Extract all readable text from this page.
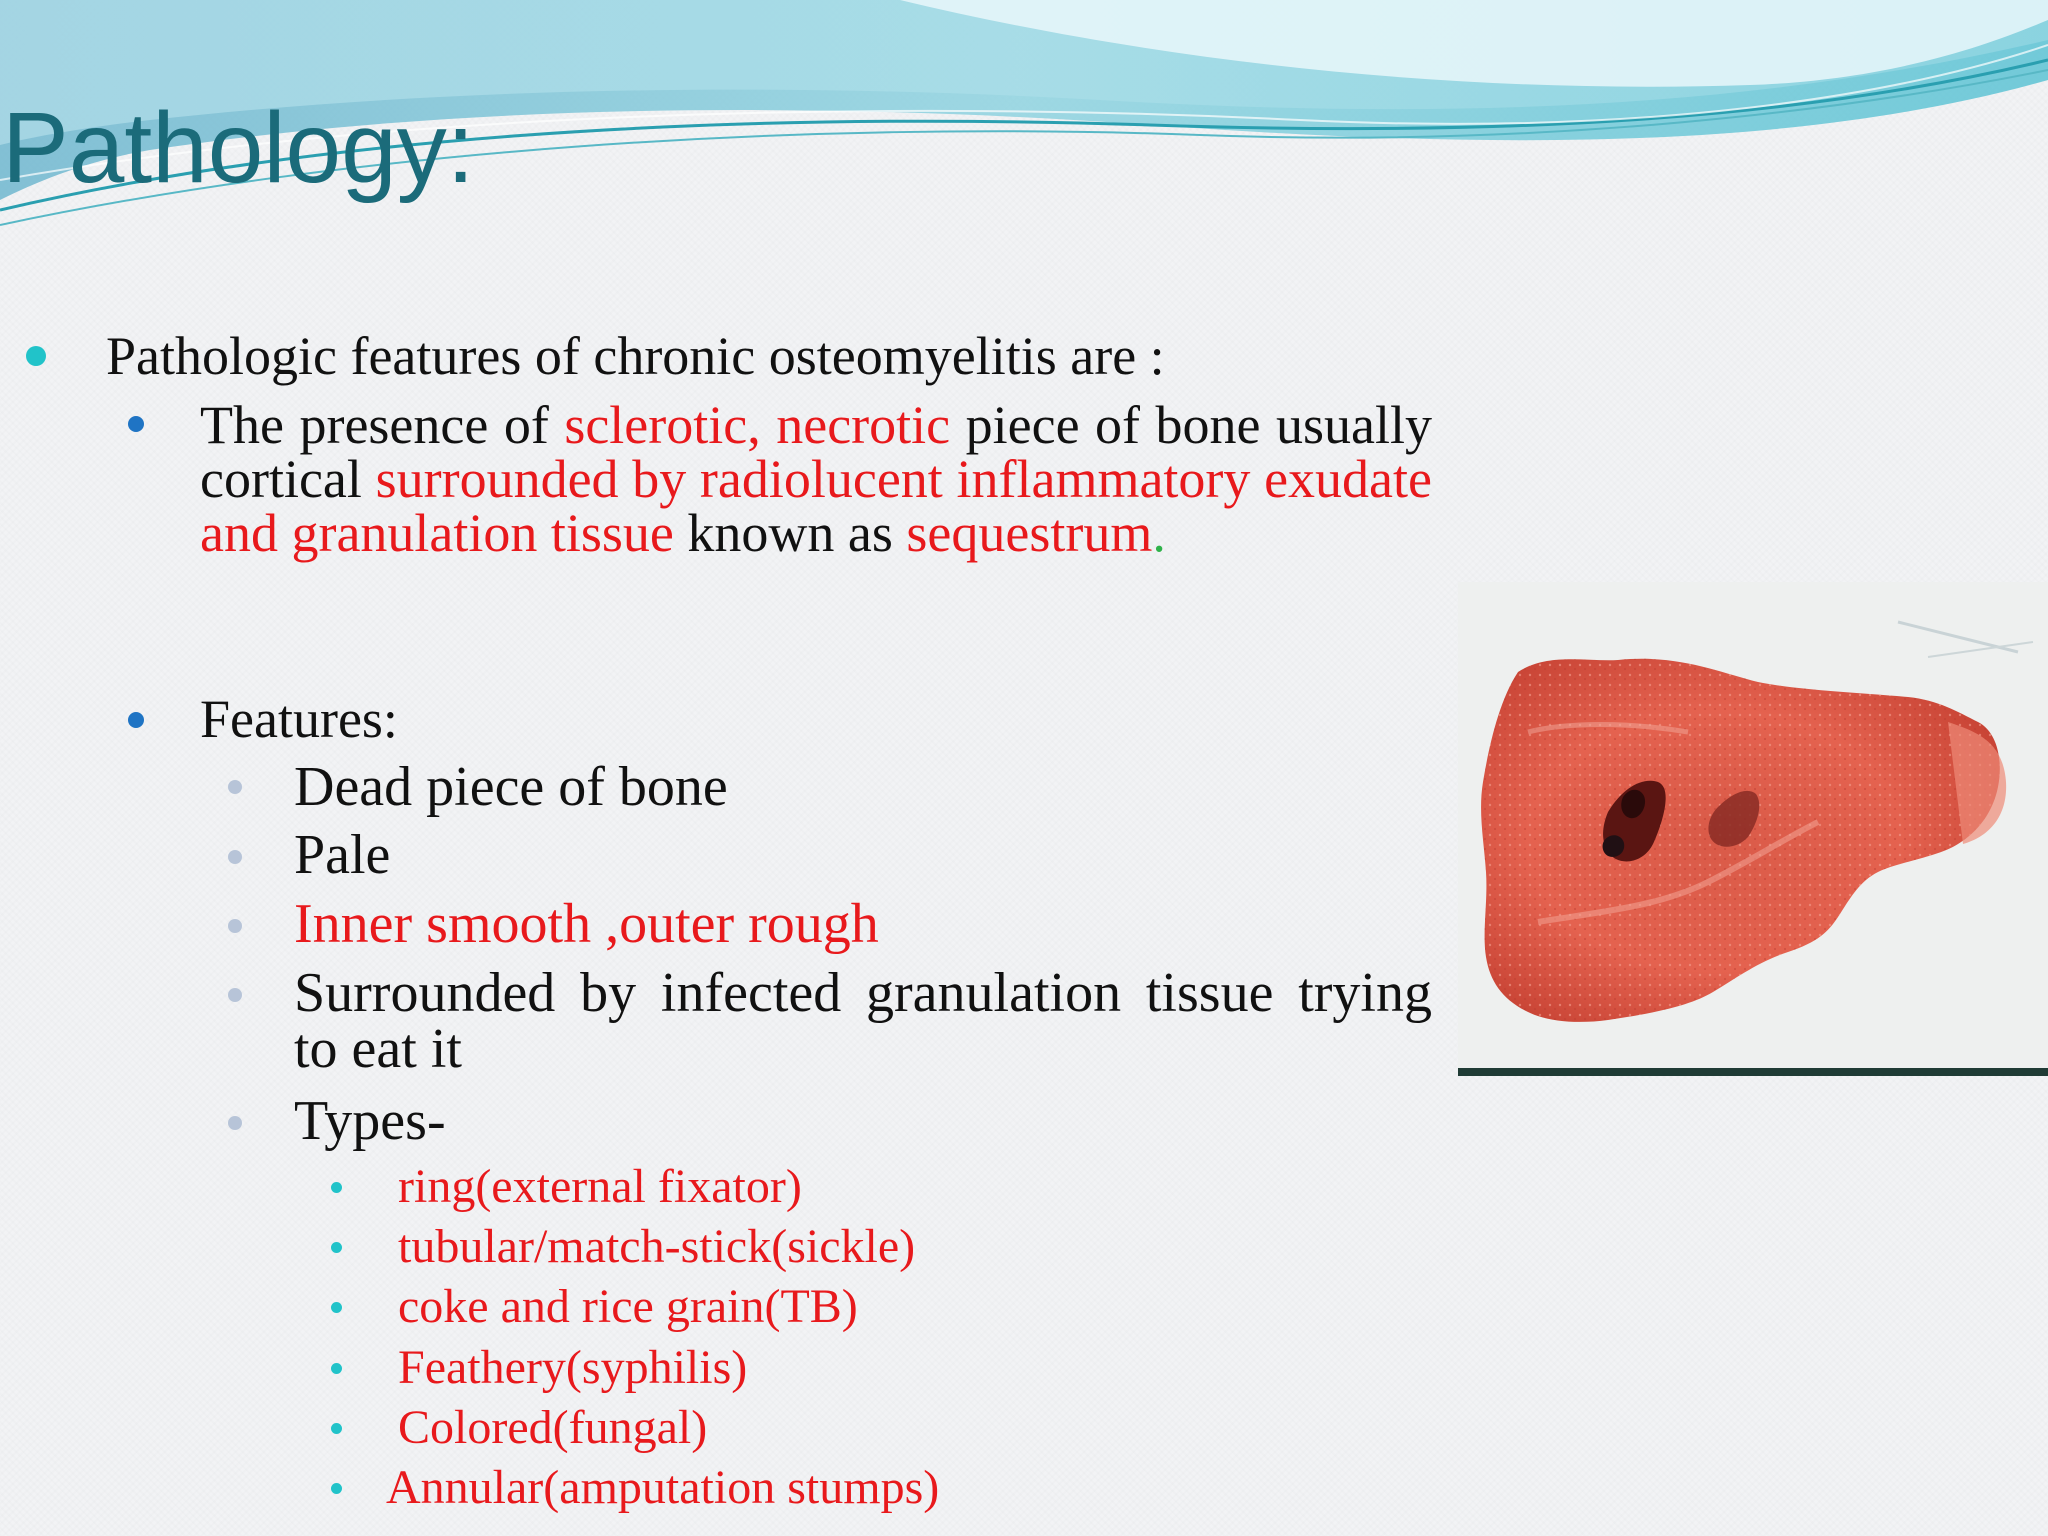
Pathology:
Pathologic features of chronic osteomyelitis are :
The presence of sclerotic, necrotic piece of bone usually cortical surrounded by radiolucent inflammatory exudate and granulation tissue known as sequestrum.
Features:
Dead piece of bone
Pale
Inner smooth ,outer rough
Surrounded by infected granulation tissue trying to eat it
Types-
ring(external fixator)
tubular/match-stick(sickle)
coke and rice grain(TB)
Feathery(syphilis)
Colored(fungal)
Annular(amputation stumps)
